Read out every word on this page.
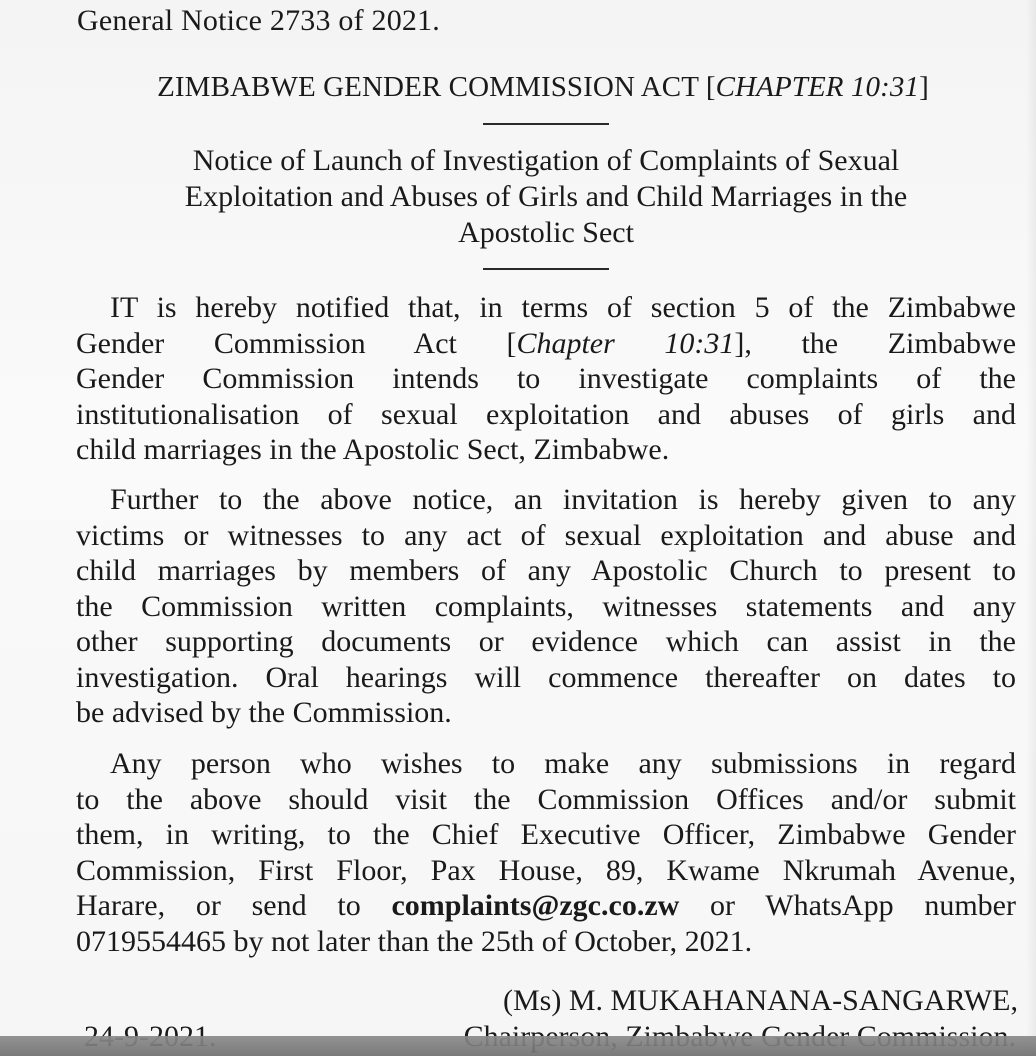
General Notice 2733 of 2021.
ZIMBABWE GENDER COMMISSION ACT [CHAPTER 10:31]
Notice of Launch of Investigation of Complaints of Sexual
Exploitation and Abuses of Girls and Child Marriages in the
Apostolic Sect
IT is hereby notified that, in terms of section 5 of the Zimbabwe
Gender Commission Act [Chapter 10:31], the Zimbabwe
Gender Commission intends to investigate complaints of the
institutionalisation of sexual exploitation and abuses of girls and
child marriages in the Apostolic Sect, Zimbabwe.
Further to the above notice, an invitation is hereby given to any
victims or witnesses to any act of sexual exploitation and abuse and
child marriages by members of any Apostolic Church to present to
the Commission written complaints, witnesses statements and any
other supporting documents or evidence which can assist in the
investigation. Oral hearings will commence thereafter on dates to
be advised by the Commission.
Any person who wishes to make any submissions in regard
to the above should visit the Commission Offices and/or submit
them, in writing, to the Chief Executive Officer, Zimbabwe Gender
Commission, First Floor, Pax House, 89, Kwame Nkrumah Avenue,
Harare, or send to complaints@zgc.co.zw or WhatsApp number
0719554465 by not later than the 25th of October, 2021.
(Ms) M. MUKAHANANA-SANGARWE,
